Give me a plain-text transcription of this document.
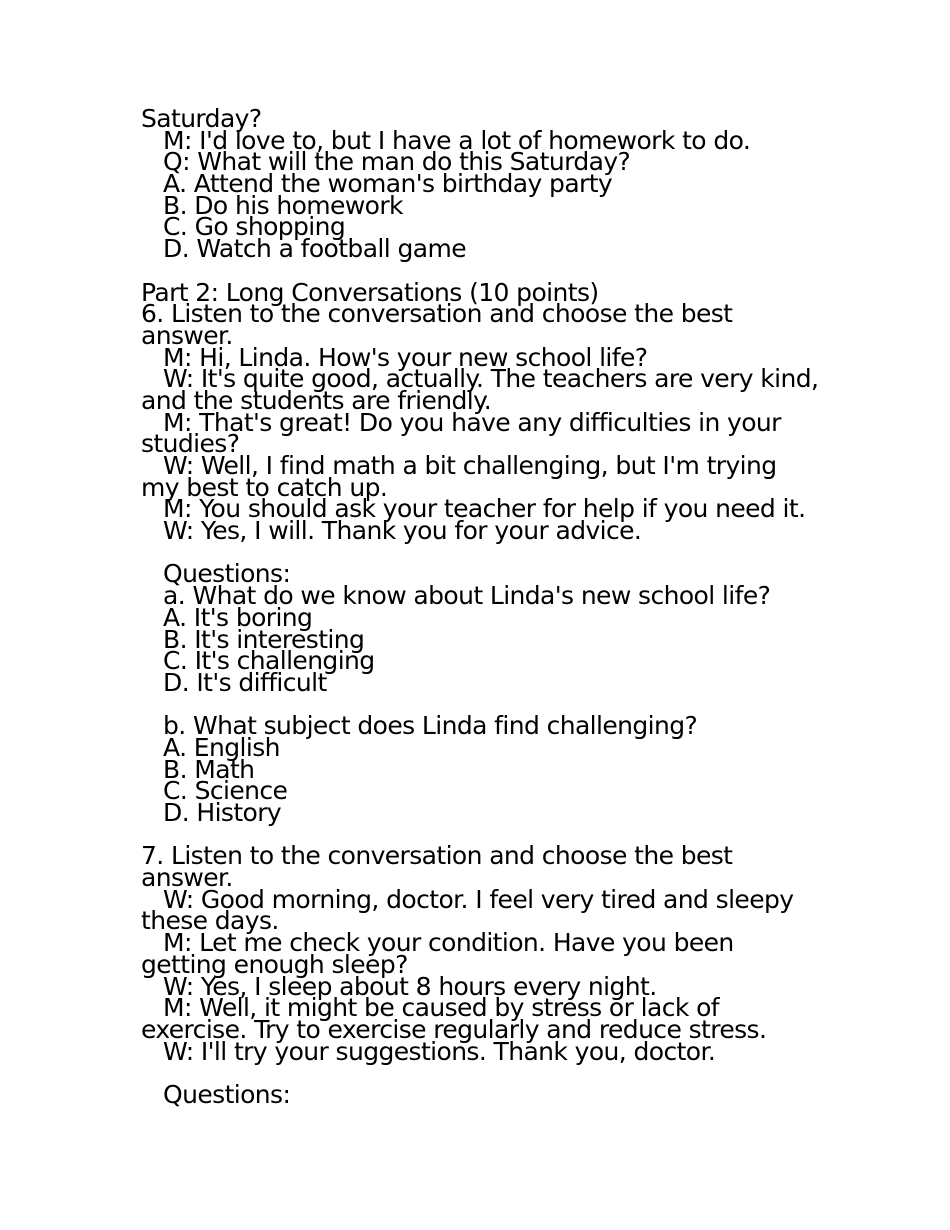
Saturday?
M: I'd love to, but I have a lot of homework to do.
Q: What will the man do this Saturday?
A. Attend the woman's birthday party
B. Do his homework
C. Go shopping
D. Watch a football game
Part 2: Long Conversations (10 points)
6. Listen to the conversation and choose the best
answer.
M: Hi, Linda. How's your new school life?
W: It's quite good, actually. The teachers are very kind,
and the students are friendly.
M: That's great! Do you have any difficulties in your
studies?
W: Well, I find math a bit challenging, but I'm trying
my best to catch up.
M: You should ask your teacher for help if you need it.
W: Yes, I will. Thank you for your advice.
Questions:
a. What do we know about Linda's new school life?
A. It's boring
B. It's interesting
C. It's challenging
D. It's difficult
b. What subject does Linda find challenging?
A. English
B. Math
C. Science
D. History
7. Listen to the conversation and choose the best
answer.
W: Good morning, doctor. I feel very tired and sleepy
these days.
M: Let me check your condition. Have you been
getting enough sleep?
W: Yes, I sleep about 8 hours every night.
M: Well, it might be caused by stress or lack of
exercise. Try to exercise regularly and reduce stress.
W: I'll try your suggestions. Thank you, doctor.
Questions:
